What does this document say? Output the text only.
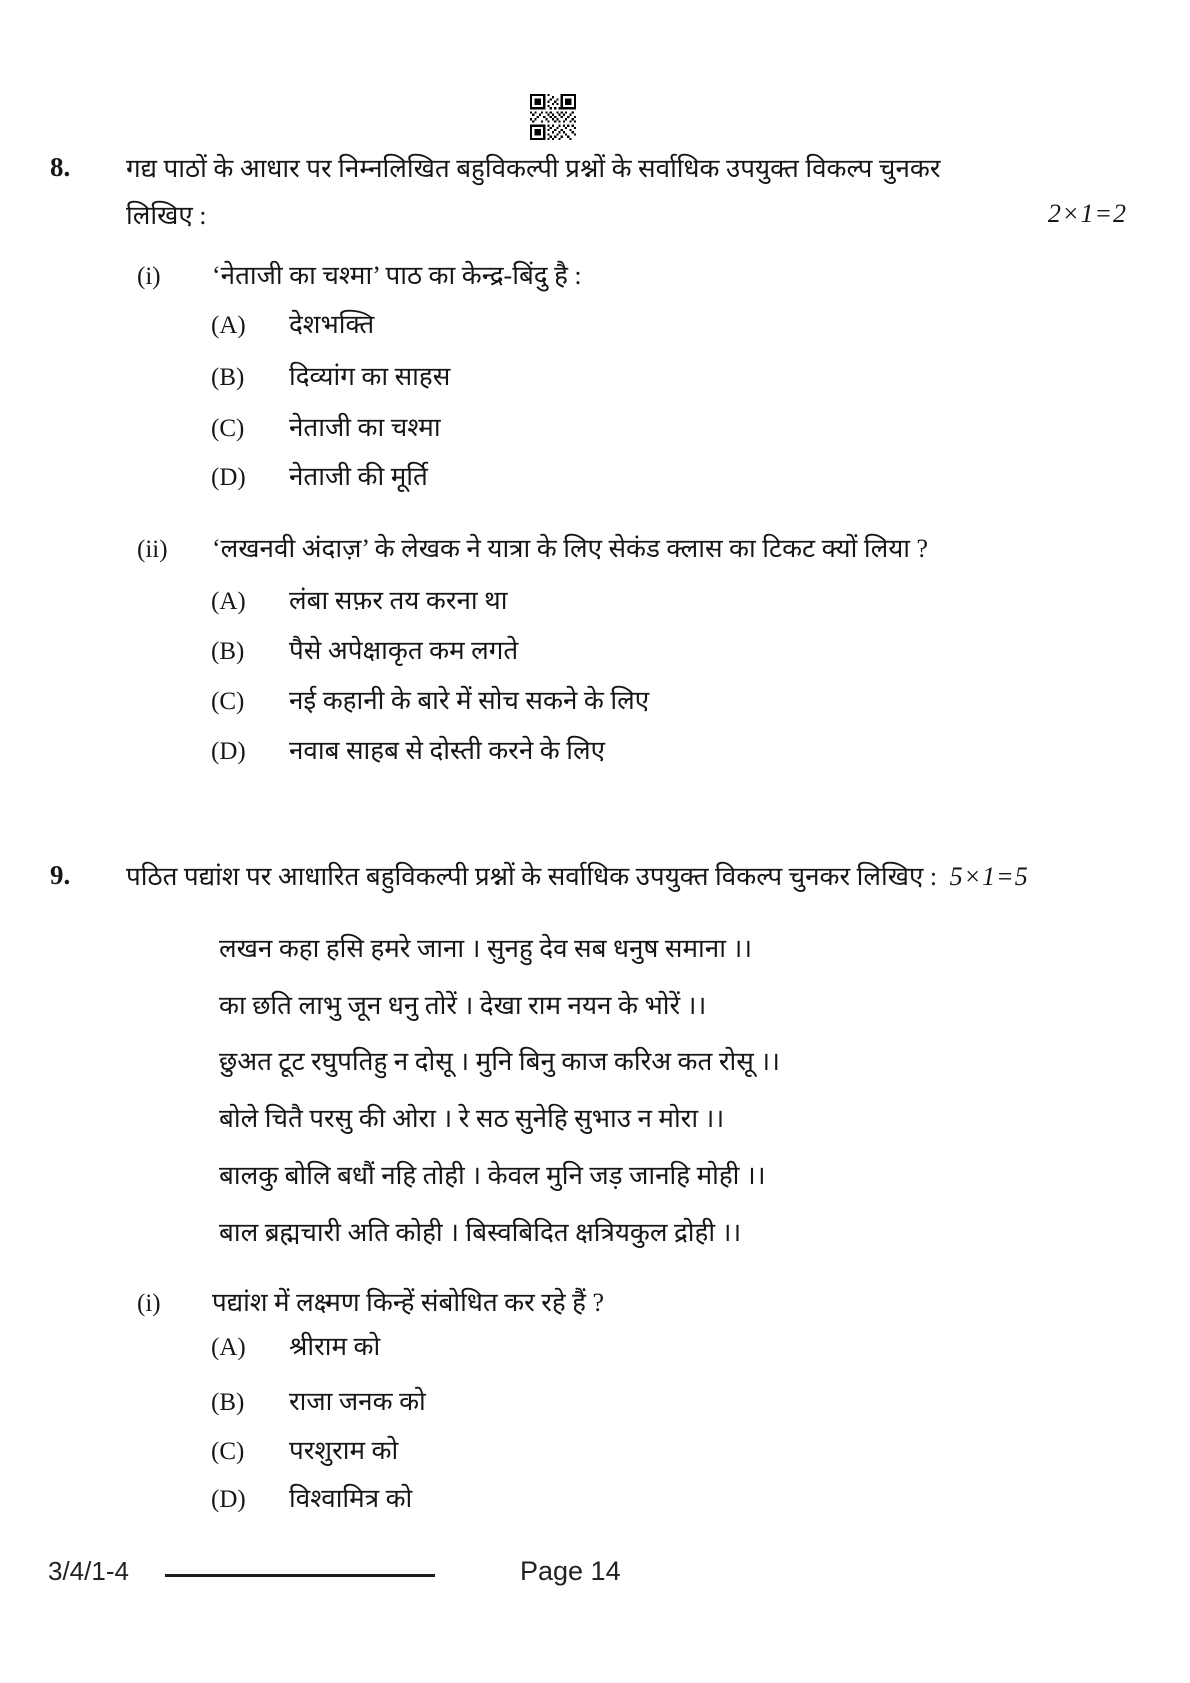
8. गद्य पाठों के आधार पर निम्नलिखित बहुविकल्पी प्रश्नों के सर्वाधिक उपयुक्त विकल्प चुनकर
लिखिए :	2×1=2
(i) ‘नेताजी का चश्मा’ पाठ का केन्द्र-बिंदु है :
(A) देशभक्ति
(B) दिव्यांग का साहस
(C) नेताजी का चश्मा
(D) नेताजी की मूर्ति
(ii) ‘लखनवी अंदाज़’ के लेखक ने यात्रा के लिए सेकंड क्लास का टिकट क्यों लिया ?
(A) लंबा सफ़र तय करना था
(B) पैसे अपेक्षाकृत कम लगते
(C) नई कहानी के बारे में सोच सकने के लिए
(D) नवाब साहब से दोस्ती करने के लिए
9. पठित पद्यांश पर आधारित बहुविकल्पी प्रश्नों के सर्वाधिक उपयुक्त विकल्प चुनकर लिखिए : 5×1=5
लखन कहा हसि हमरे जाना । सुनहु देव सब धनुष समाना ।।
का छति लाभु जून धनु तोरें । देखा राम नयन के भोरें ।।
छुअत टूट रघुपतिहु न दोसू । मुनि बिनु काज करिअ कत रोसू ।।
बोले चितै परसु की ओरा । रे सठ सुनेहि सुभाउ न मोरा ।।
बालकु बोलि बधौं नहि तोही । केवल मुनि जड़ जानहि मोही ।।
बाल ब्रह्मचारी अति कोही । बिस्वबिदित क्षत्रियकुल द्रोही ।।
(i) पद्यांश में लक्ष्मण किन्हें संबोधित कर रहे हैं ?
(A) श्रीराम को
(B) राजा जनक को
(C) परशुराम को
(D) विश्वामित्र को
3/4/1-4	Page 14
